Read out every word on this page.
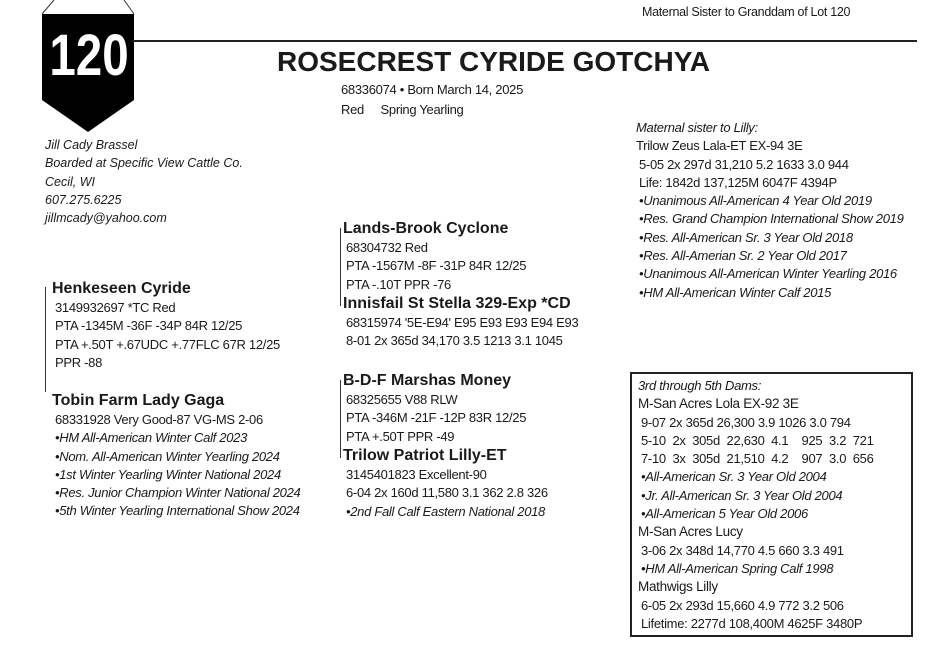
120
Maternal Sister to Granddam of Lot 120
ROSECREST CYRIDE GOTCHYA
68336074 • Born March 14, 2025
Red Spring Yearling
Jill Cady Brassel
Boarded at Specific View Cattle Co.
Cecil, WI
607.275.6225
jillmcady@yahoo.com
Henkeseen Cyride
3149932697 *TC Red
PTA -1345M -36F -34P 84R 12/25
PTA +.50T +.67UDC +.77FLC 67R 12/25
PPR -88
Tobin Farm Lady Gaga
68331928 Very Good-87 VG-MS 2-06
•HM All-American Winter Calf 2023
•Nom. All-American Winter Yearling 2024
•1st Winter Yearling Winter National 2024
•Res. Junior Champion Winter National 2024
•5th Winter Yearling International Show 2024
Lands-Brook Cyclone
68304732 Red
PTA -1567M -8F -31P 84R 12/25
PTA -.10T PPR -76
Innisfail St Stella 329-Exp *CD
68315974 '5E-E94' E95 E93 E93 E94 E93
8-01 2x 365d 34,170 3.5 1213 3.1 1045
B-D-F Marshas Money
68325655 V88 RLW
PTA -346M -21F -12P 83R 12/25
PTA +.50T PPR -49
Trilow Patriot Lilly-ET
3145401823 Excellent-90
6-04 2x 160d 11,580 3.1 362 2.8 326
•2nd Fall Calf Eastern National 2018
Maternal sister to Lilly:
Trilow Zeus Lala-ET EX-94 3E
5-05 2x 297d 31,210 5.2 1633 3.0 944
Life: 1842d 137,125M 6047F 4394P
•Unanimous All-American 4 Year Old 2019
•Res. Grand Champion International Show 2019
•Res. All-American Sr. 3 Year Old 2018
•Res. All-Amerian Sr. 2 Year Old 2017
•Unanimous All-American Winter Yearling 2016
•HM All-American Winter Calf 2015
3rd through 5th Dams:
M-San Acres Lola EX-92 3E
9-07 2x 365d 26,300 3.9 1026 3.0 794
5-10  2x  305d  22,630  4.1    925  3.2  721
7-10  3x  305d  21,510  4.2    907  3.0  656
•All-American Sr. 3 Year Old 2004
•Jr. All-American Sr. 3 Year Old 2004
•All-American 5 Year Old 2006
M-San Acres Lucy
3-06 2x 348d 14,770 4.5 660 3.3 491
•HM All-American Spring Calf 1998
Mathwigs Lilly
6-05 2x 293d 15,660 4.9 772 3.2 506
Lifetime: 2277d 108,400M 4625F 3480P
